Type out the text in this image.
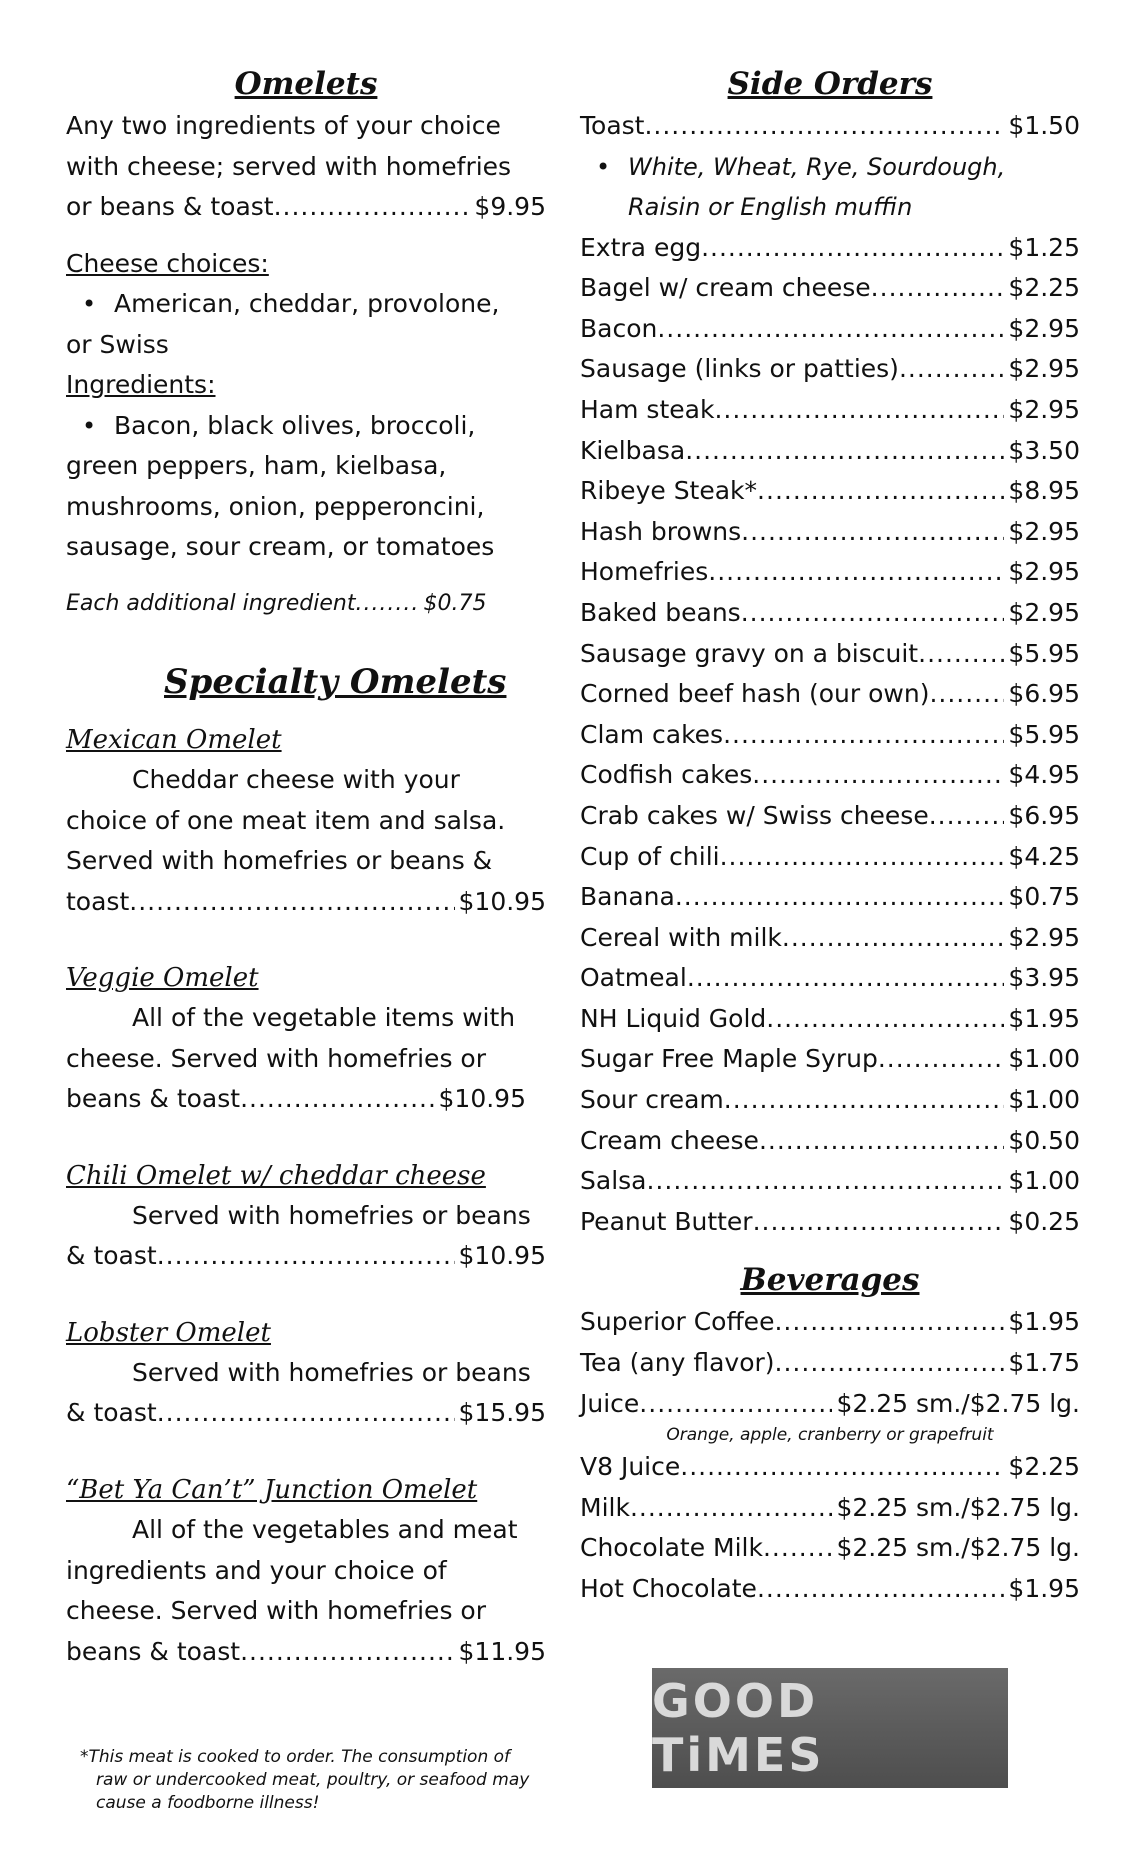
Omelets

Any two ingredients of your choice

with cheese; served with homefries

or beans & toast .....	$9.95

Cheese choices:

• American, cheddar, provolone,

or Swiss

Ingredients:

• Bacon, black olives, broccoli,

green peppers, ham, kielbasa,

mushrooms, onion, pepperoncini,

sausage, sour cream, or tomatoes

Each additional ingredient .....	$0.75
Specialty Omelets

Mexican Omelet

Cheddar cheese with your

choice of one meat item and salsa.

Served with homefries or beans &

toast .....	$10.95

Veggie Omelet

All of the vegetable items with

cheese. Served with homefries or

beans & toast .....	$10.95

Chili Omelet w/ cheddar cheese

Served with homefries or beans

& toast .....	$10.95

Lobster Omelet

Served with homefries or beans

& toast .....	$15.95

“Bet Ya Can’t” Junction Omelet

All of the vegetables and meat

ingredients and your choice of

cheese. Served with homefries or

beans & toast .....	$11.95
*This meat is cooked to order. The consumption of
raw or undercooked meat, poultry, or seafood may
cause a foodborne illness!
Side Orders
Toast .....	$1.50

• White, Wheat, Rye, Sourdough,

Raisin or English muffin

Extra egg .....	$1.25
Bagel w/ cream cheese .....	$2.25
Bacon .....	$2.95
Sausage (links or patties) .....	$2.95
Ham steak .....	$2.95
Kielbasa .....	$3.50
Ribeye Steak* .....	$8.95
Hash browns .....	$2.95
Homefries .....	$2.95
Baked beans .....	$2.95
Sausage gravy on a biscuit .....	$5.95
Corned beef hash (our own) .....	$6.95
Clam cakes .....	$5.95
Codfish cakes .....	$4.95
Crab cakes w/ Swiss cheese .....	$6.95
Cup of chili .....	$4.25
Banana .....	$0.75
Cereal with milk .....	$2.95
Oatmeal .....	$3.95
NH Liquid Gold .....	$1.95
Sugar Free Maple Syrup .....	$1.00
Sour cream .....	$1.00
Cream cheese .....	$0.50
Salsa .....	$1.00
Peanut Butter .....	$0.25
Beverages
Superior Coffee .....	$1.95
Tea (any flavor) .....	$1.75
Juice .....	$2.25 sm./$2.75 lg.
Orange, apple, cranberry or grapefruit
V8 Juice .....	$2.25
Milk .....	$2.25 sm./$2.75 lg.
Chocolate Milk .....	$2.25 sm./$2.75 lg.
Hot Chocolate .....	$1.95
GOOD TiMES
